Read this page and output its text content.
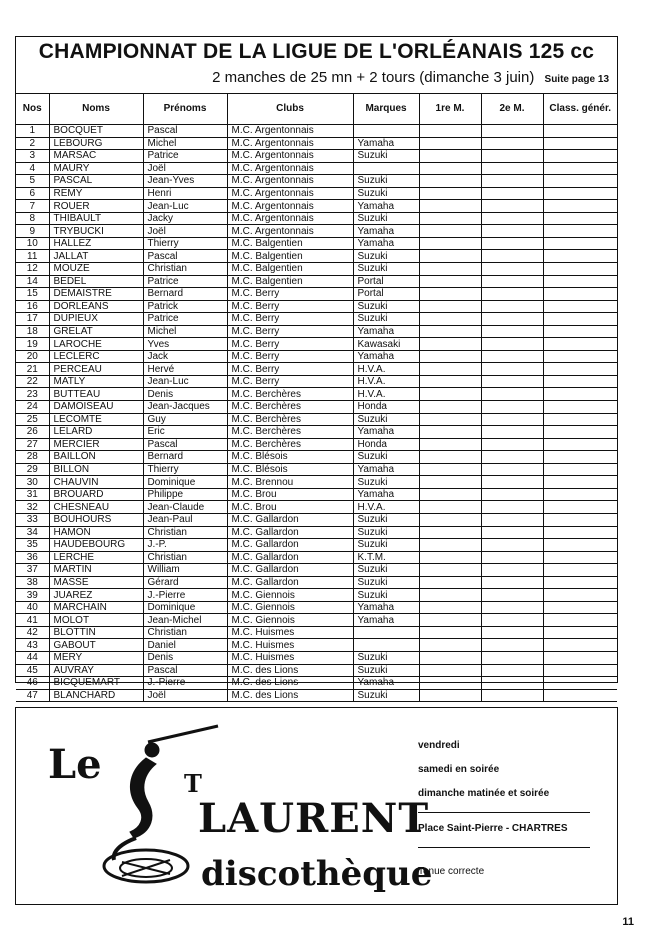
CHAMPIONNAT DE LA LIGUE DE L'ORLÉANAIS 125 cc
2 manches de 25 mn + 2 tours (dimanche 3 juin) Suite page 13
Nos	Noms	Prénoms	Clubs	Marques	1re M.	2e M.	Class. génér.
1	BOCQUET	Pascal	M.C. Argentonnais				
2	LEBOURG	Michel	M.C. Argentonnais	Yamaha			
3	MARSAC	Patrice	M.C. Argentonnais	Suzuki			
4	MAURY	Joël	M.C. Argentonnais				
5	PASCAL	Jean-Yves	M.C. Argentonnais	Suzuki			
6	REMY	Henri	M.C. Argentonnais	Suzuki			
7	ROUER	Jean-Luc	M.C. Argentonnais	Yamaha			
8	THIBAULT	Jacky	M.C. Argentonnais	Suzuki			
9	TRYBUCKI	Joël	M.C. Argentonnais	Yamaha			
10	HALLEZ	Thierry	M.C. Balgentien	Yamaha			
11	JALLAT	Pascal	M.C. Balgentien	Suzuki			
12	MOUZE	Christian	M.C. Balgentien	Suzuki			
14	BEDEL	Patrice	M.C. Balgentien	Portal			
15	DEMAISTRE	Bernard	M.C. Berry	Portal			
16	DORLEANS	Patrick	M.C. Berry	Suzuki			
17	DUPIEUX	Patrice	M.C. Berry	Suzuki			
18	GRELAT	Michel	M.C. Berry	Yamaha			
19	LAROCHE	Yves	M.C. Berry	Kawasaki			
20	LECLERC	Jack	M.C. Berry	Yamaha			
21	PERCEAU	Hervé	M.C. Berry	H.V.A.			
22	MATLY	Jean-Luc	M.C. Berry	H.V.A.			
23	BUTTEAU	Denis	M.C. Berchères	H.V.A.			
24	DAMOISEAU	Jean-Jacques	M.C. Berchères	Honda			
25	LECOMTE	Guy	M.C. Berchères	Suzuki			
26	LELARD	Eric	M.C. Berchères	Yamaha			
27	MERCIER	Pascal	M.C. Berchères	Honda			
28	BAILLON	Bernard	M.C. Blésois	Suzuki			
29	BILLON	Thierry	M.C. Blésois	Yamaha			
30	CHAUVIN	Dominique	M.C. Brennou	Suzuki			
31	BROUARD	Philippe	M.C. Brou	Yamaha			
32	CHESNEAU	Jean-Claude	M.C. Brou	H.V.A.			
33	BOUHOURS	Jean-Paul	M.C. Gallardon	Suzuki			
34	HAMON	Christian	M.C. Gallardon	Suzuki			
35	HAUDEBOURG	J.-P.	M.C. Gallardon	Suzuki			
36	LERCHE	Christian	M.C. Gallardon	K.T.M.			
37	MARTIN	William	M.C. Gallardon	Suzuki			
38	MASSE	Gérard	M.C. Gallardon	Suzuki			
39	JUAREZ	J.-Pierre	M.C. Giennois	Suzuki			
40	MARCHAIN	Dominique	M.C. Giennois	Yamaha			
41	MOLOT	Jean-Michel	M.C. Giennois	Yamaha			
42	BLOTTIN	Christian	M.C. Huismes				
43	GABOUT	Daniel	M.C. Huismes				
44	MERY	Denis	M.C. Huismes	Suzuki			
45	AUVRAY	Pascal	M.C. des Lions	Suzuki			
46	BICQUEMART	J.-Pierre	M.C. des Lions	Yamaha			
47	BLANCHARD	Joël	M.C. des Lions	Suzuki			
Le	T
LAURENT
discothèque
vendredi
samedi en soirée
dimanche matinée et soirée
Place Saint-Pierre - CHARTRES
Tenue correcte
11
